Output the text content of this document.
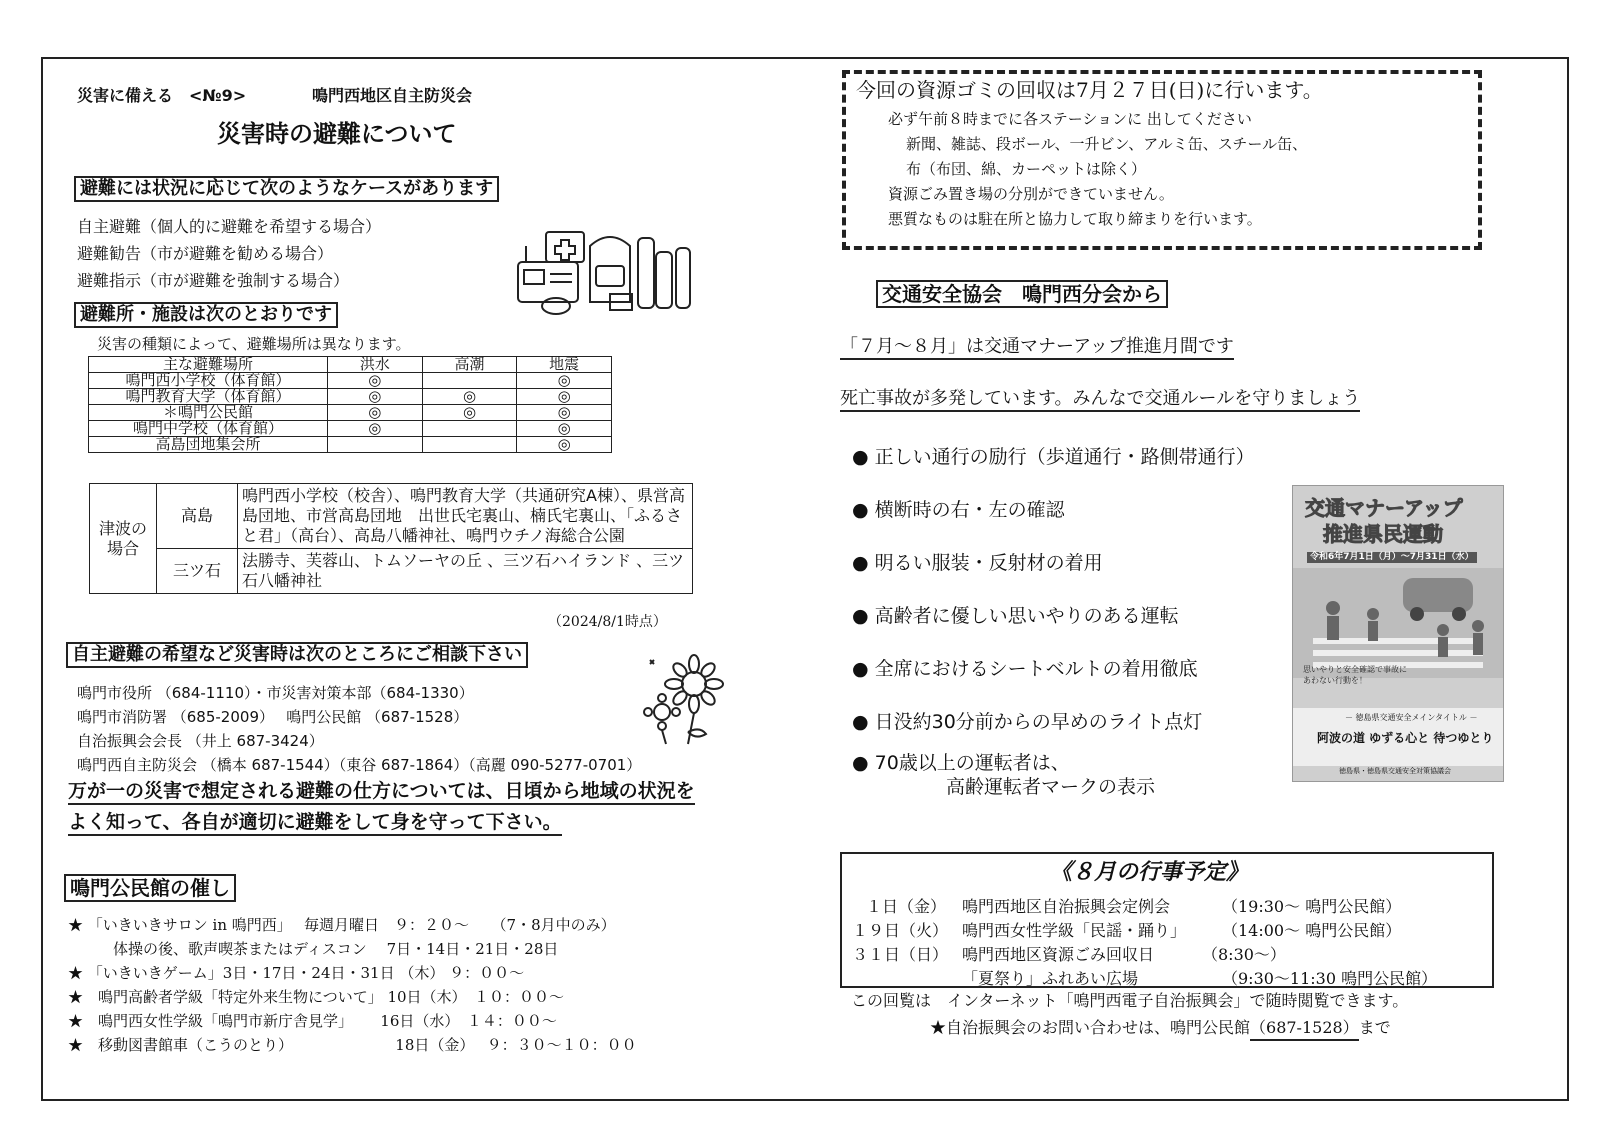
災害に備える　<№9>	鳴門西地区自主防災会
災害時の避難について
避難には状況に応じて次のようなケースがあります
自主避難（個人的に避難を希望する場合）
避難勧告（市が避難を勧める場合）
避難指示（市が避難を強制する場合）
避難所・施設は次のとおりです
災害の種類によって、避難場所は異なります。
主な避難場所	洪水	高潮	地震
鳴門西小学校（体育館）	◎		◎
鳴門教育大学（体育館）	◎	◎	◎
＊鳴門公民館	◎	◎	◎
鳴門中学校（体育館）	◎		◎
高島団地集会所			◎
津波の場合	高島	鳴門西小学校（校舎）、鳴門教育大学（共通研究A棟）、県営高島団地、市営高島団地　出世氏宅裏山、楠氏宅裏山、「ふるさと君」（高台）、高島八幡神社、鳴門ウチノ海総合公園
	三ツ石	法勝寺、芙蓉山、トムソーヤの丘 、三ツ石ハイランド 、三ツ石八幡神社
（2024/8/1時点）
自主避難の希望など災害時は次のところにご相談下さい
鳴門市役所 （684-1110）・市災害対策本部（684-1330）
鳴門市消防署 （685-2009）　 鳴門公民館 （687-1528）
自治振興会会長 （井上 687-3424）
鳴門西自主防災会 （橋本 687-1544）（東谷 687-1864）（高麗 090-5277-0701）
万が一の災害で想定される避難の仕方については、日頃から地域の状況を
よく知って、各自が適切に避難をして身を守って下さい。
鳴門公民館の催し
★ 「いきいきサロン in 鳴門西」　 毎週月曜日　９：２０～　　（7・8月中のみ）
　　　体操の後、歌声喫茶またはディスコン　 7日・14日・21日・28日
★ 「いきいきゲーム」3日・17日・24日・31日 （木） ９：００～
★　鳴門高齢者学級「特定外来生物について」 10日（木）　１０：００～
★　鳴門西女性学級「鳴門市新庁舎見学」　　 16日（水）　１４：００～
★　移動図書館車（こうのとり）　　　　　　　 18日（金）　 ９：３０～１０：００
今回の資源ゴミの回収は7月２７日(日)に行います。
必ず午前８時までに各ステーションに 出してください
新聞、雑誌、段ボール、一升ビン、アルミ缶、スチール缶、
布（布団、綿、カーペットは除く）
資源ごみ置き場の分別ができていません。
悪質なものは駐在所と協力して取り締まりを行います。
交通安全協会　鳴門西分会から
「７月～８月」は交通マナーアップ推進月間です
死亡事故が多発しています。みんなで交通ルールを守りましょう
● 正しい通行の励行（歩道通行・路側帯通行）
● 横断時の右・左の確認
● 明るい服装・反射材の着用
● 高齢者に優しい思いやりのある運転
● 全席におけるシートベルトの着用徹底
● 日没約30分前からの早めのライト点灯
● 70歳以上の運転者は、
高齢運転者マークの表示
交通マナーアップ
推進県民運動
令和6年7月1日（月）～7月31日（水）
思いやりと安全確認で事故にあわない行動を！
－ 徳島県交通安全メインタイトル －
阿波の道 ゆずる心と 待つゆとり
徳島県・徳島県交通安全対策協議会
《８月の行事予定》
１日（金） 鳴門西地区自治振興会定例会	（19:30～ 鳴門公民館）
１９日（火） 鳴門西女性学級「民謡・踊り」 （14:00～ 鳴門公民館）
３１日（日） 鳴門西地区資源ごみ回収日	（8:30～）
「夏祭り」ふれあい広場	（9:30～11:30 鳴門公民館）
この回覧は　インターネット「鳴門西電子自治振興会」で随時閲覧できます。
★自治振興会のお問い合わせは、鳴門公民館（687-1528）まで
